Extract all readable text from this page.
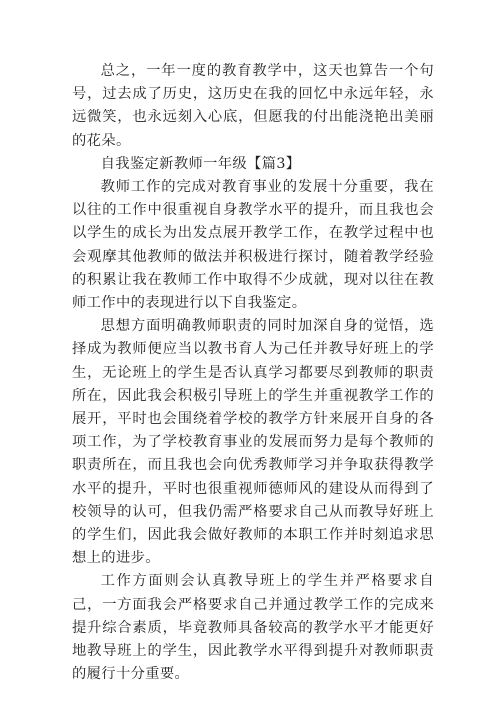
总之，一年一度的教育教学中，这天也算告一个句号，过去成了历史，这历史在我的回忆中永远年轻，永远微笑，也永远刻入心底，但愿我的付出能浇艳出美丽的花朵。

自我鉴定新教师一年级【篇3】

教师工作的完成对教育事业的发展十分重要，我在以往的工作中很重视自身教学水平的提升，而且我也会以学生的成长为出发点展开教学工作，在教学过程中也会观摩其他教师的做法并积极进行探讨，随着教学经验的积累让我在教师工作中取得不少成就，现对以往在教师工作中的表现进行以下自我鉴定。

思想方面明确教师职责的同时加深自身的觉悟，选择成为教师便应当以教书育人为己任并教导好班上的学生，无论班上的学生是否认真学习都要尽到教师的职责所在，因此我会积极引导班上的学生并重视教学工作的展开，平时也会围绕着学校的教学方针来展开自身的各项工作，为了学校教育事业的发展而努力是每个教师的职责所在，而且我也会向优秀教师学习并争取获得教学水平的提升，平时也很重视师德师风的建设从而得到了校领导的认可，但我仍需严格要求自己从而教导好班上的学生们，因此我会做好教师的本职工作并时刻追求思想上的进步。

工作方面则会认真教导班上的学生并严格要求自己，一方面我会严格要求自己并通过教学工作的完成来提升综合素质，毕竟教师具备较高的教学水平才能更好地教导班上的学生，因此教学水平得到提升对教师职责的履行十分重要。
